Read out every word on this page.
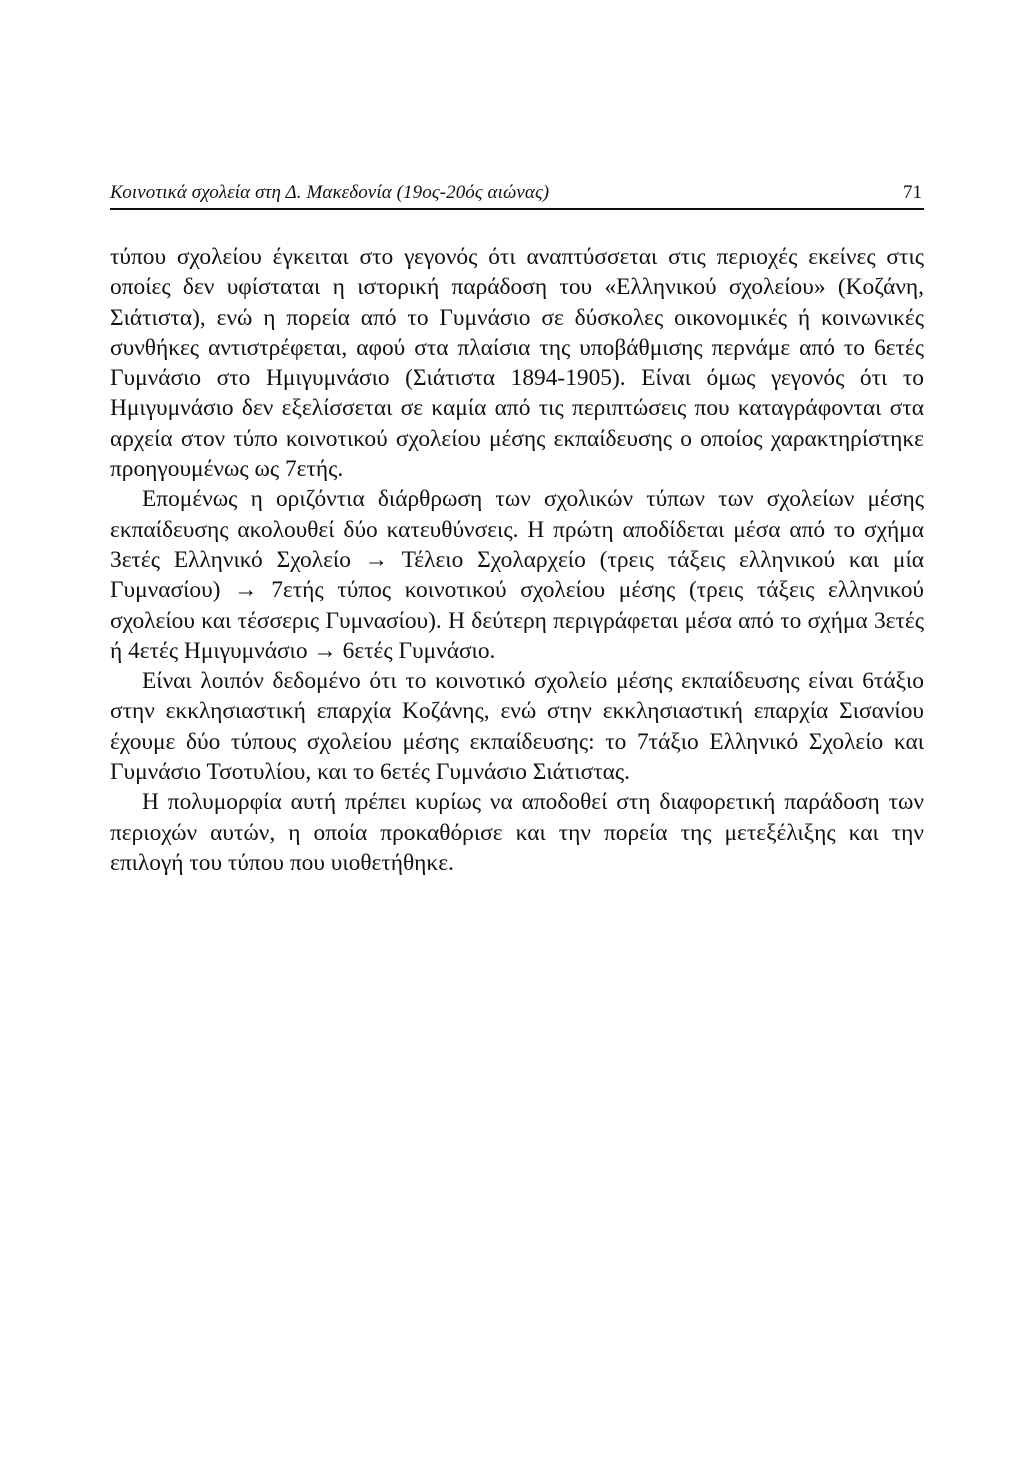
Κοινοτικά σχολεία στη Δ. Μακεδονία (19ος-20ός αιώνας)	71

τύπου σχολείου έγκειται στο γεγονός ότι αναπτύσσεται στις περιοχές εκείνες στις οποίες δεν υφίσταται η ιστορική παράδοση του «Ελληνικού σχολείου» (Κοζάνη, Σιάτιστα), ενώ η πορεία από το Γυμνάσιο σε δύσκολες οικονομικές ή κοινωνικές συνθήκες αντιστρέφεται, αφού στα πλαίσια της υποβάθμισης περνάμε από το 6ετές Γυμνάσιο στο Ημιγυμνάσιο (Σιάτιστα 1894-1905). Είναι όμως γεγονός ότι το Ημιγυμνάσιο δεν εξελίσσεται σε καμία από τις περιπτώσεις που καταγράφονται στα αρχεία στον τύπο κοινοτικού σχολείου μέσης εκπαίδευσης ο οποίος χαρακτηρίστηκε προηγουμένως ως 7ετής.

Επομένως η οριζόντια διάρθρωση των σχολικών τύπων των σχολείων μέσης εκπαίδευσης ακολουθεί δύο κατευθύνσεις. Η πρώτη αποδίδεται μέσα από το σχήμα 3ετές Ελληνικό Σχολείο → Τέλειο Σχολαρχείο (τρεις τάξεις ελληνικού και μία Γυμνασίου) → 7ετής τύπος κοινοτικού σχολείου μέσης (τρεις τάξεις ελληνικού σχολείου και τέσσερις Γυμνασίου). Η δεύτερη περιγράφεται μέσα από το σχήμα 3ετές ή 4ετές Ημιγυμνάσιο → 6ετές Γυμνάσιο.

Είναι λοιπόν δεδομένο ότι το κοινοτικό σχολείο μέσης εκπαίδευσης είναι 6τάξιο στην εκκλησιαστική επαρχία Κοζάνης, ενώ στην εκκλησιαστική επαρχία Σισανίου έχουμε δύο τύπους σχολείου μέσης εκπαίδευσης: το 7τάξιο Ελληνικό Σχολείο και Γυμνάσιο Τσοτυλίου, και το 6ετές Γυμνάσιο Σιάτιστας.

Η πολυμορφία αυτή πρέπει κυρίως να αποδοθεί στη διαφορετική παράδοση των περιοχών αυτών, η οποία προκαθόρισε και την πορεία της μετεξέλιξης και την επιλογή του τύπου που υιοθετήθηκε.
